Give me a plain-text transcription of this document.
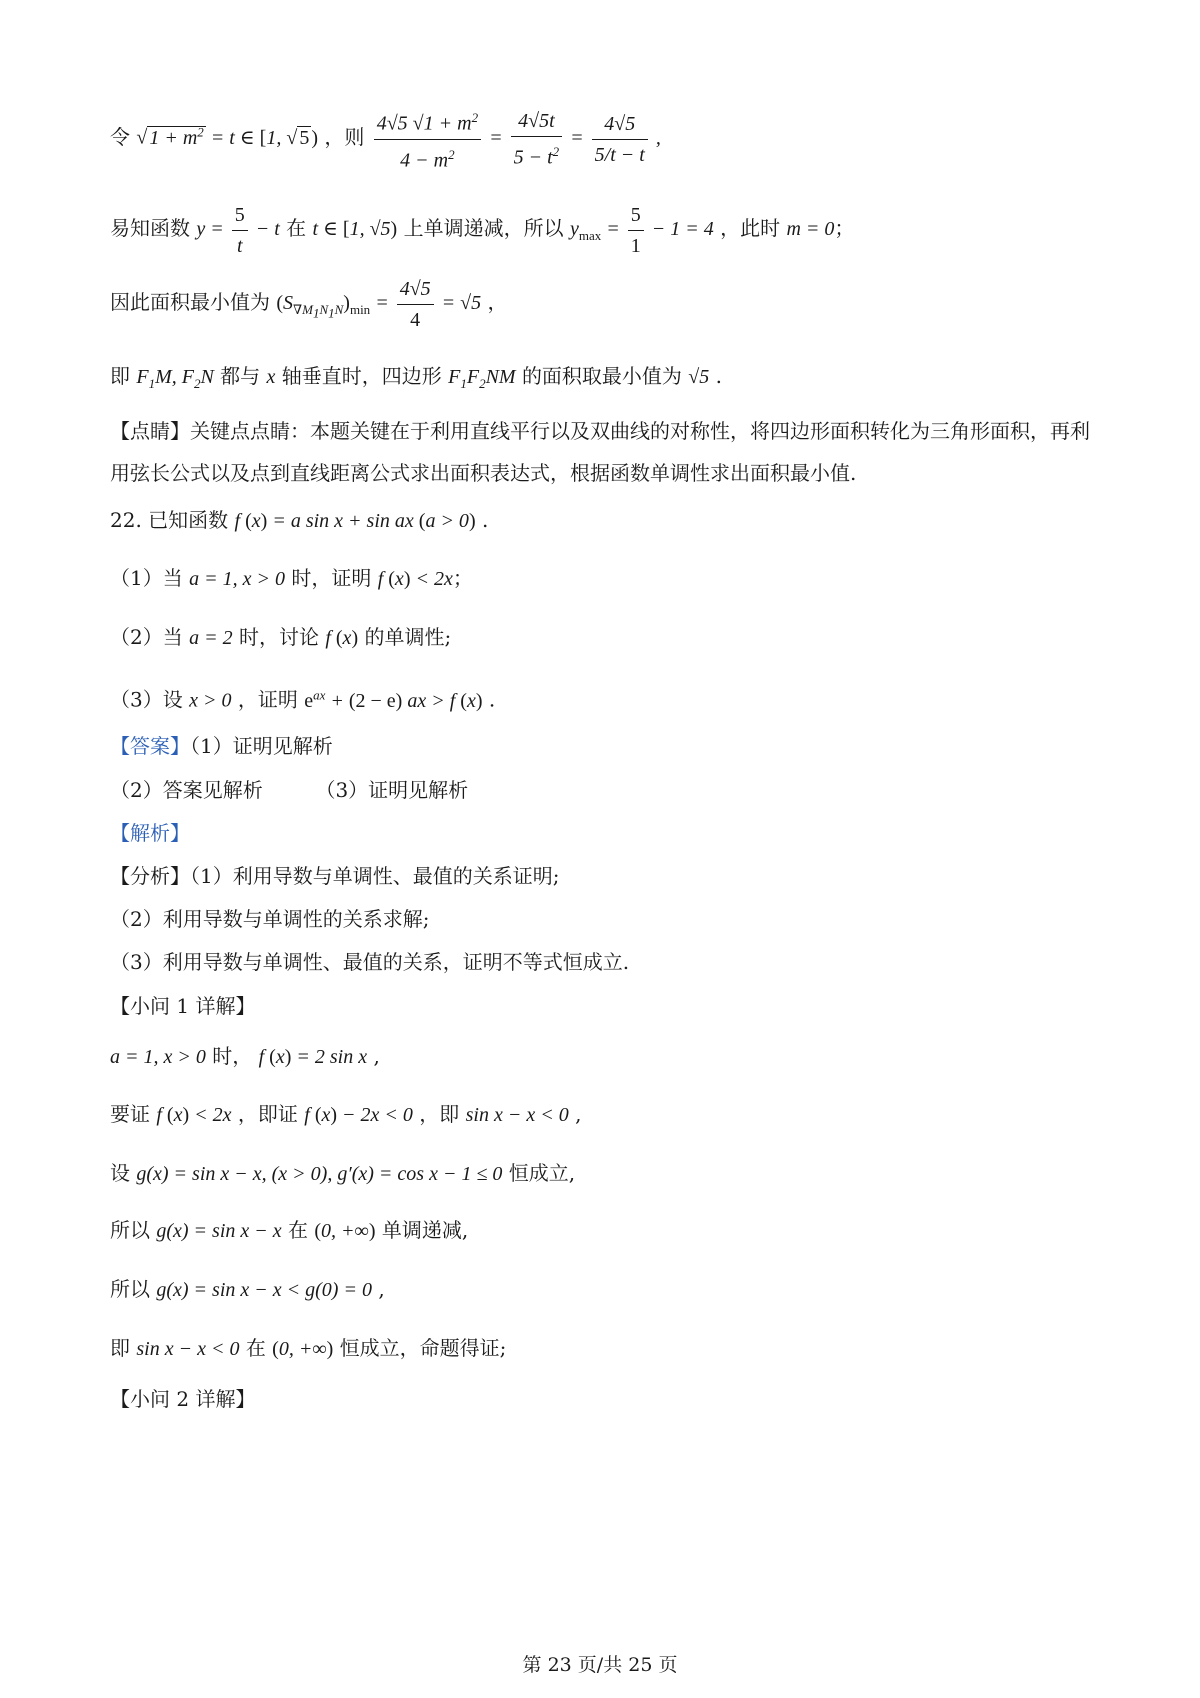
令 √ $1 + m^2 = t$ ∈ [1, √ 5 ) ，则 $\frac{4√5 √1 + m^2}{4 - m^2} = \frac{4√5t}{5 - t^2} = \frac{4√5}{5/t - t}$ ,
易知函数 $y = \frac{5}{t} - t$ 在 t ∈ [1, √5) 上单调递减，所以 $y_{max} = \frac{5}{1} - 1 = 4$ ，此时 m = 0；
因此面积最小值为 $(S_{\nabla M_1N_1N})_{min} = \frac{4√5}{4} = √5$ ，
即 $F_1M$, $F_2N$ 都与 x 轴垂直时，四边形 $F_1F_2NM$ 的面积取最小值为 √5 .
【点睛】关键点点睛：本题关键在于利用直线平行以及双曲线的对称性，将四边形面积转化为三角形面积，再利用弦长公式以及点到直线距离公式求出面积表达式，根据函数单调性求出面积最小值.
22. 已知函数 f (x) = a sin x + sin ax (a > 0) .
（1）当 a = 1, x > 0 时，证明 f (x) < 2x；
（2）当 a = 2 时，讨论 f (x) 的单调性;
（3）设 x > 0 ，证明 $e^{ax} + (2 - e)$ ax > f (x) .
【答案】（1）证明见解析
（2）答案见解析	（3）证明见解析
【解析】
【分析】（1）利用导数与单调性、最值的关系证明;
（2）利用导数与单调性的关系求解;
（3）利用导数与单调性、最值的关系，证明不等式恒成立.
【小问 1 详解】
a = 1, x > 0 时， f (x) = 2 sin x ,
要证 f (x) < 2x ，即证 f (x) − 2x < 0 ，即 sin x − x < 0 ,
设 g(x) = sin x − x, (x > 0), g′(x) = cos x − 1 ≤ 0 恒成立,
所以 g(x) = sin x − x 在 (0, +∞) 单调递减,
所以 g(x) = sin x − x < g(0) = 0 ,
即 sin x − x < 0 在 (0, +∞) 恒成立，命题得证;
【小问 2 详解】
第 23 页/共 25 页
